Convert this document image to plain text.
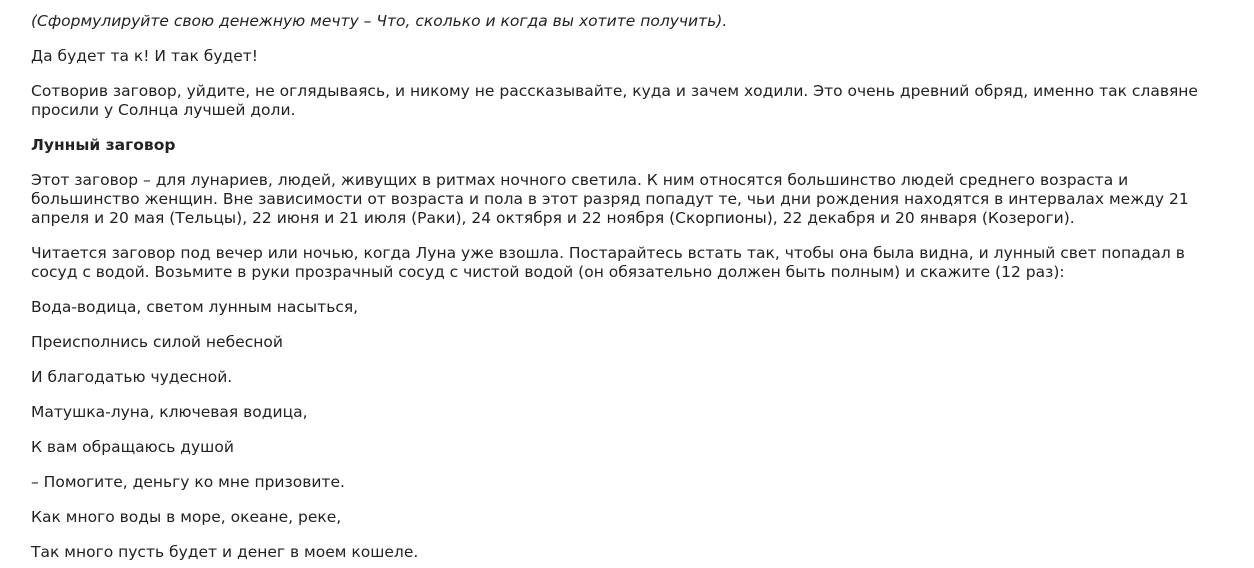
(Сформулируйте свою денежную мечту – Что, сколько и когда вы хотите получить).

Да будет та к! И так будет!

Сотворив заговор, уйдите, не оглядываясь, и никому не рассказывайте, куда и зачем ходили. Это очень древний обряд, именно так славяне просили у Солнца лучшей доли.

Лунный заговор

Этот заговор – для лунариев, людей, живущих в ритмах ночного светила. К ним относятся большинство людей среднего возраста и большинство женщин. Вне зависимости от возраста и пола в этот разряд попадут те, чьи дни рождения находятся в интервалах между 21 апреля и 20 мая (Тельцы), 22 июня и 21 июля (Раки), 24 октября и 22 ноября (Скорпионы), 22 декабря и 20 января (Козероги).

Читается заговор под вечер или ночью, когда Луна уже взошла. Постарайтесь встать так, чтобы она была видна, и лунный свет попадал в сосуд с водой. Возьмите в руки прозрачный сосуд с чистой водой (он обязательно должен быть полным) и скажите (12 раз):

Вода-водица, светом лунным насыться,

Преисполнись силой небесной

И благодатью чудесной.

Матушка-луна, ключевая водица,

К вам обращаюсь душой

– Помогите, деньгу ко мне призовите.

Как много воды в море, океане, реке,

Так много пусть будет и денег в моем кошеле.
